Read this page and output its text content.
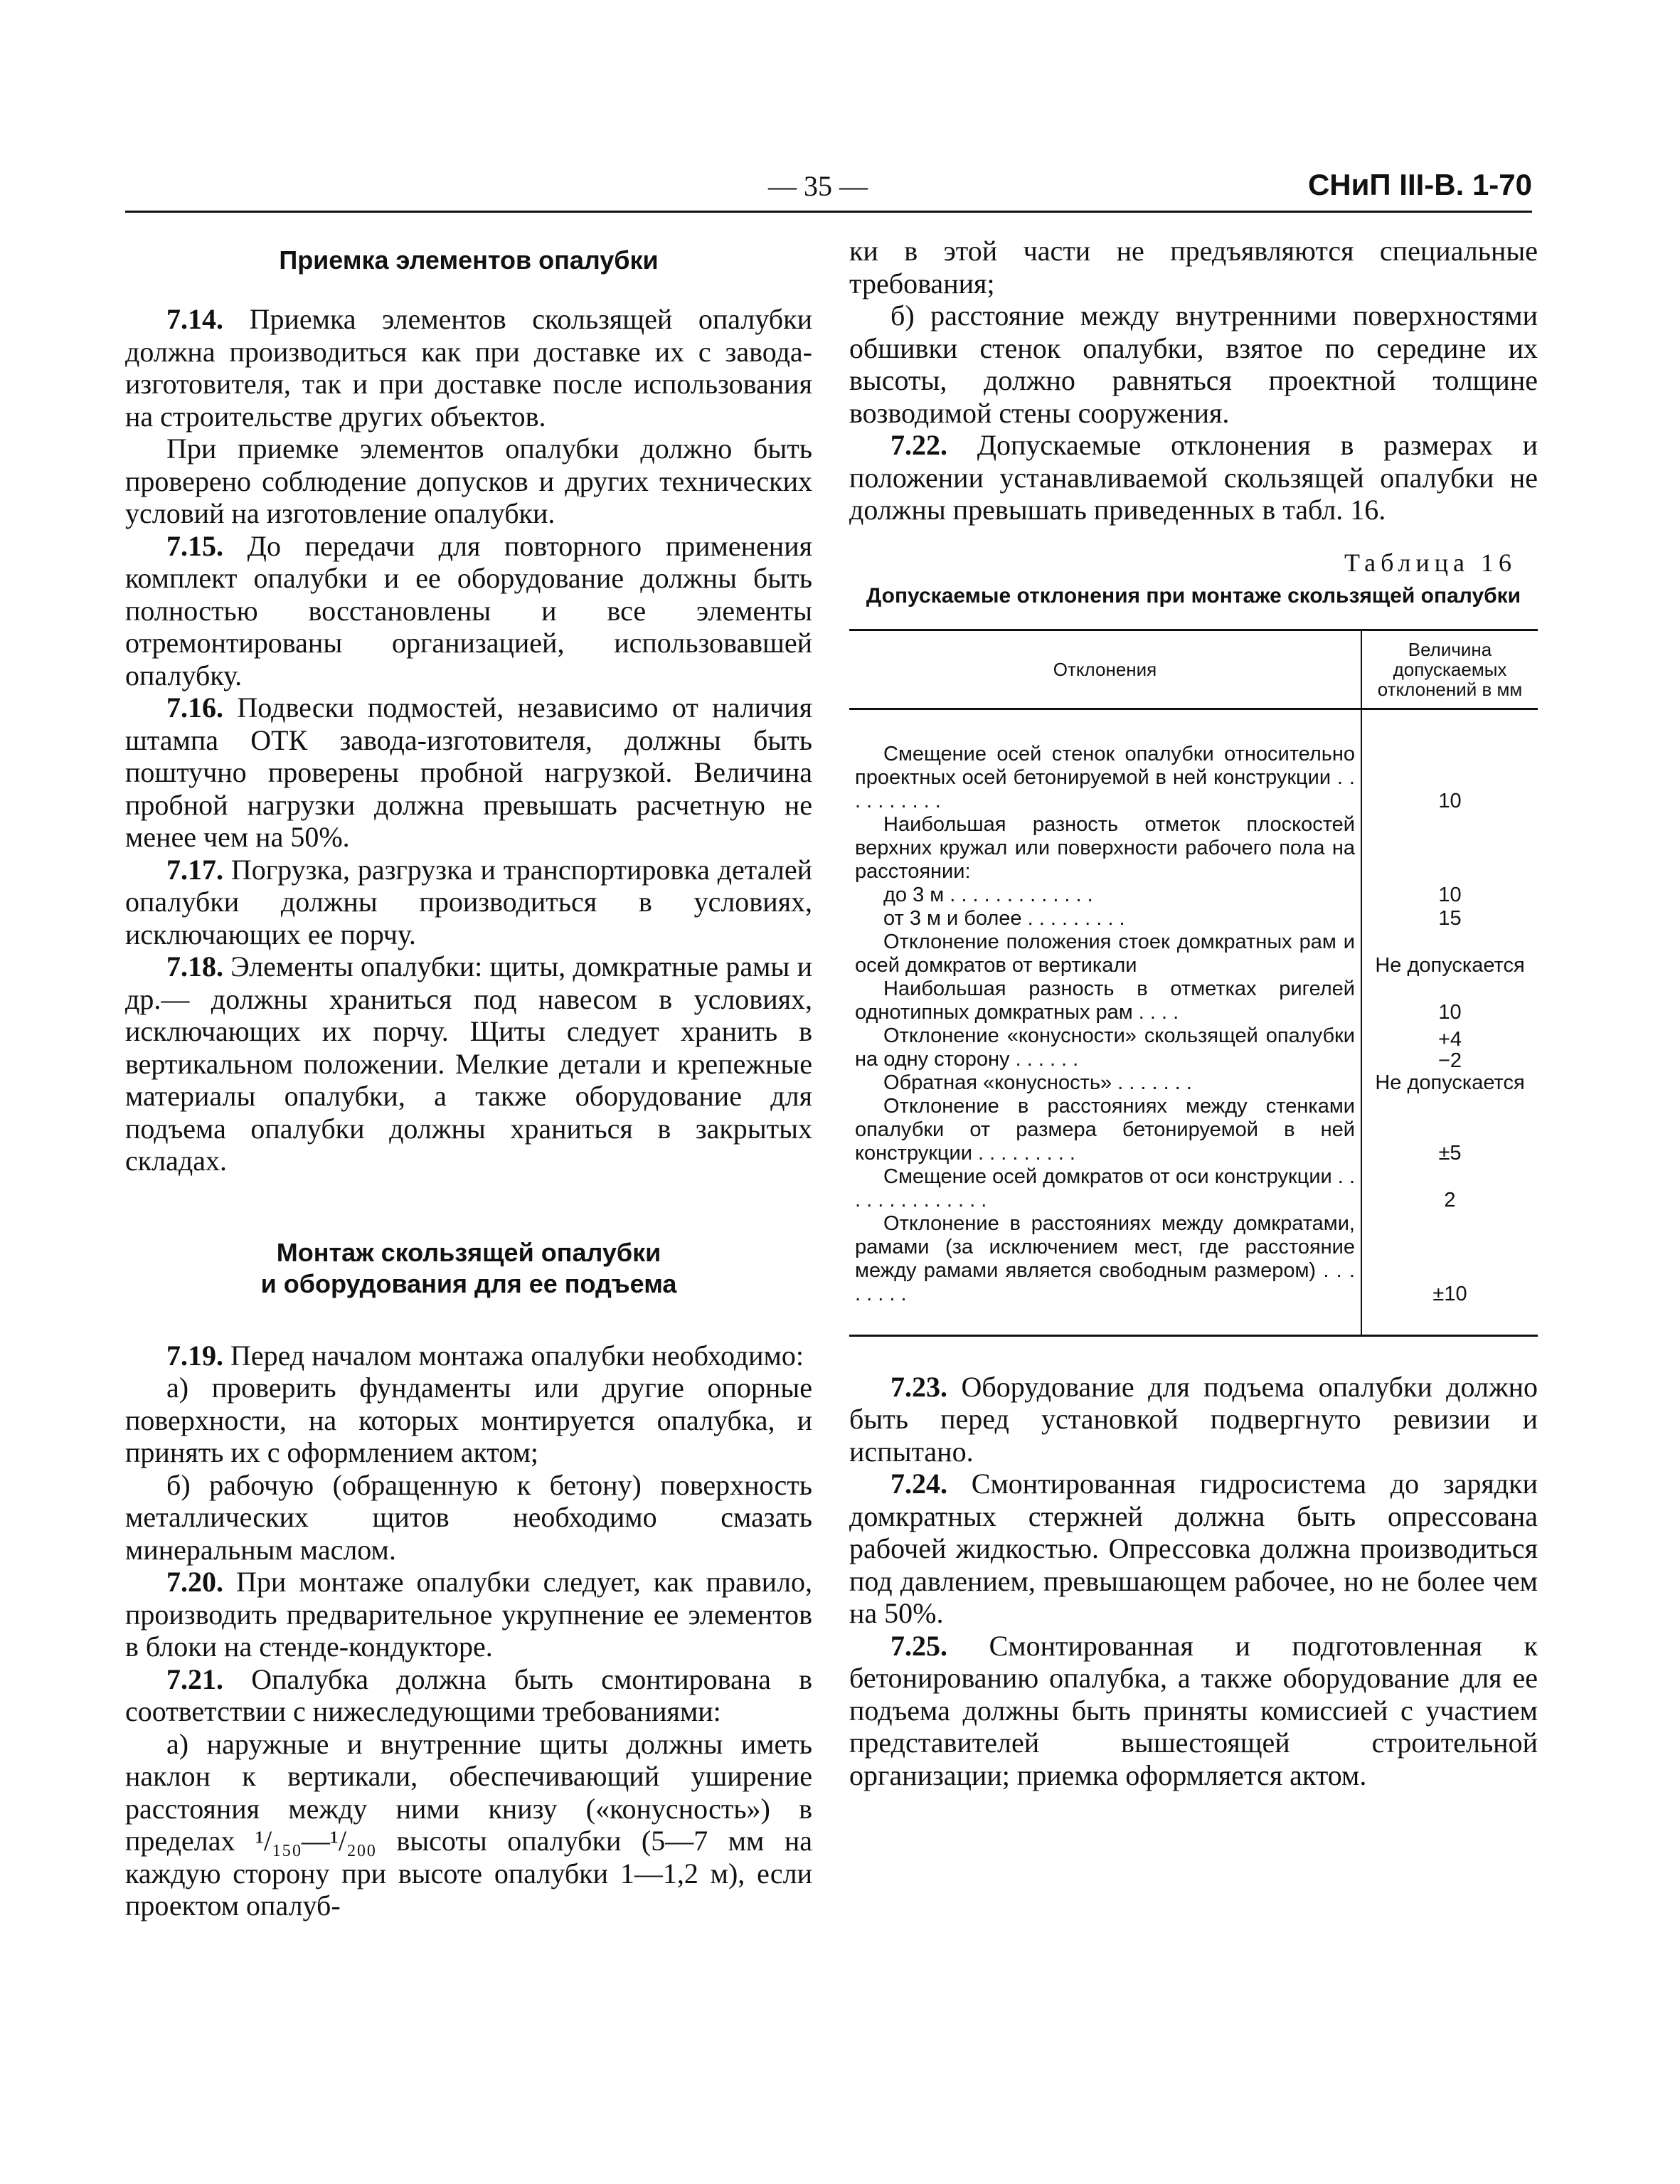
— 35 —	СНиП III-В. 1-70
Приемка элементов опалубки

7.14. Приемка элементов скользящей опалубки должна производиться как при доставке их с завода-изготовителя, так и при доставке после использования на строительстве других объектов.

При приемке элементов опалубки должно быть проверено соблюдение допусков и других технических условий на изготовление опалубки.

7.15. До передачи для повторного применения комплект опалубки и ее оборудование должны быть полностью восстановлены и все элементы отремонтированы организацией, использовавшей опалубку.

7.16. Подвески подмостей, независимо от наличия штампа ОТК завода-изготовителя, должны быть поштучно проверены пробной нагрузкой. Величина пробной нагрузки должна превышать расчетную не менее чем на 50%.

7.17. Погрузка, разгрузка и транспортировка деталей опалубки должны производиться в условиях, исключающих ее порчу.

7.18. Элементы опалубки: щиты, домкратные рамы и др.— должны храниться под навесом в условиях, исключающих их порчу. Щиты следует хранить в вертикальном положении. Мелкие детали и крепежные материалы опалубки, а также оборудование для подъема опалубки должны храниться в закрытых складах.

Монтаж скользящей опалубки
и оборудования для ее подъема

7.19. Перед началом монтажа опалубки необходимо:

а) проверить фундаменты или другие опорные поверхности, на которых монтируется опалубка, и принять их с оформлением актом;

б) рабочую (обращенную к бетону) поверхность металлических щитов необходимо смазать минеральным маслом.

7.20. При монтаже опалубки следует, как правило, производить предварительное укрупнение ее элементов в блоки на стенде-кондукторе.

7.21. Опалубка должна быть смонтирована в соответствии с нижеследующими требованиями:

а) наружные и внутренние щиты должны иметь наклон к вертикали, обеспечивающий уширение расстояния между ними книзу («конусность») в пределах ¹/₁₅₀—¹/₂₀₀ высоты опалубки (5—7 мм на каждую сторону при высоте опалубки 1—1,2 м), если проектом опалуб-

ки в этой части не предъявляются специальные требования;

б) расстояние между внутренними поверхностями обшивки стенок опалубки, взятое по середине их высоты, должно равняться проектной толщине возводимой стены сооружения.

7.22. Допускаемые отклонения в размерах и положении устанавливаемой скользящей опалубки не должны превышать приведенных в табл. 16.

Таблица 16
Допускаемые отклонения при монтаже скользящей опалубки
Отклонения	Величина допускаемых отклонений в мм

Смещение осей стенок опалубки относительно проектных осей бетонируемой в ней конструкции . . . . . . . . . .	10
Наибольшая разность отметок плоскостей верхних кружал или поверхности рабочего пола на расстоянии:	
до 3 м . . . . . . . . . . . . .	10
от 3 м и более . . . . . . . . .	15
Отклонение положения стоек домкратных рам и осей домкратов от вертикали	Не допускается
Наибольшая разность в отметках ригелей однотипных домкратных рам . . . .	10
Отклонение «конусности» скользящей опалубки на одну сторону . . . . . .	+4
−2
Обратная «конусность» . . . . . . .	Не допускается
Отклонение в расстояниях между стенками опалубки от размера бетонируемой в ней конструкции . . . . . . . . .	±5
Смещение осей домкратов от оси конструкции . . . . . . . . . . . . . .	2
Отклонение в расстояниях между домкратами, рамами (за исключением мест, где расстояние между рамами является свободным размером) . . . . . . . .	±10

7.23. Оборудование для подъема опалубки должно быть перед установкой подвергнуто ревизии и испытано.

7.24. Смонтированная гидросистема до зарядки домкратных стержней должна быть опрессована рабочей жидкостью. Опрессовка должна производиться под давлением, превышающем рабочее, но не более чем на 50%.

7.25. Смонтированная и подготовленная к бетонированию опалубка, а также оборудование для ее подъема должны быть приняты комиссией с участием представителей вышестоящей строительной организации; приемка оформляется актом.
